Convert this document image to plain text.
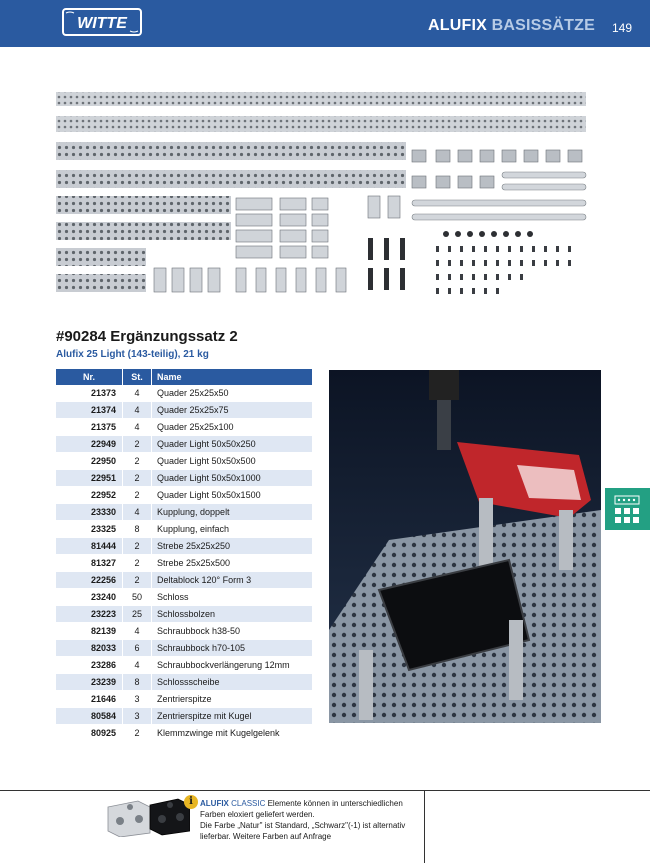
WITTE	ALUFIX BASISSÄTZE 149
#90284 Ergänzungssatz 2
Alufix 25 Light (143-teilig), 21 kg
Nr.	St.	Name
21373	4	Quader 25x25x50
21374	4	Quader 25x25x75
21375	4	Quader 25x25x100
22949	2	Quader Light 50x50x250
22950	2	Quader Light 50x50x500
22951	2	Quader Light 50x50x1000
22952	2	Quader Light 50x50x1500
23330	4	Kupplung, doppelt
23325	8	Kupplung, einfach
81444	2	Strebe 25x25x250
81327	2	Strebe 25x25x500
22256	2	Deltablock 120° Form 3
23240	50	Schloss
23223	25	Schlossbolzen
82139	4	Schraubbock h38-50
82033	6	Schraubbock h70-105
23286	4	Schraubbockverlängerung 12mm
23239	8	Schlossscheibe
21646	3	Zentrierspitze
80584	3	Zentrierspitze mit Kugel
80925	2	Klemmzwinge mit Kugelgelenk
i ALUFIX CLASSIC Elemente können in unterschiedlichen Farben eloxiert geliefert werden.
Die Farbe „Natur" ist Standard, „Schwarz"(-1) ist alternativ lieferbar. Weitere Farben auf Anfrage
